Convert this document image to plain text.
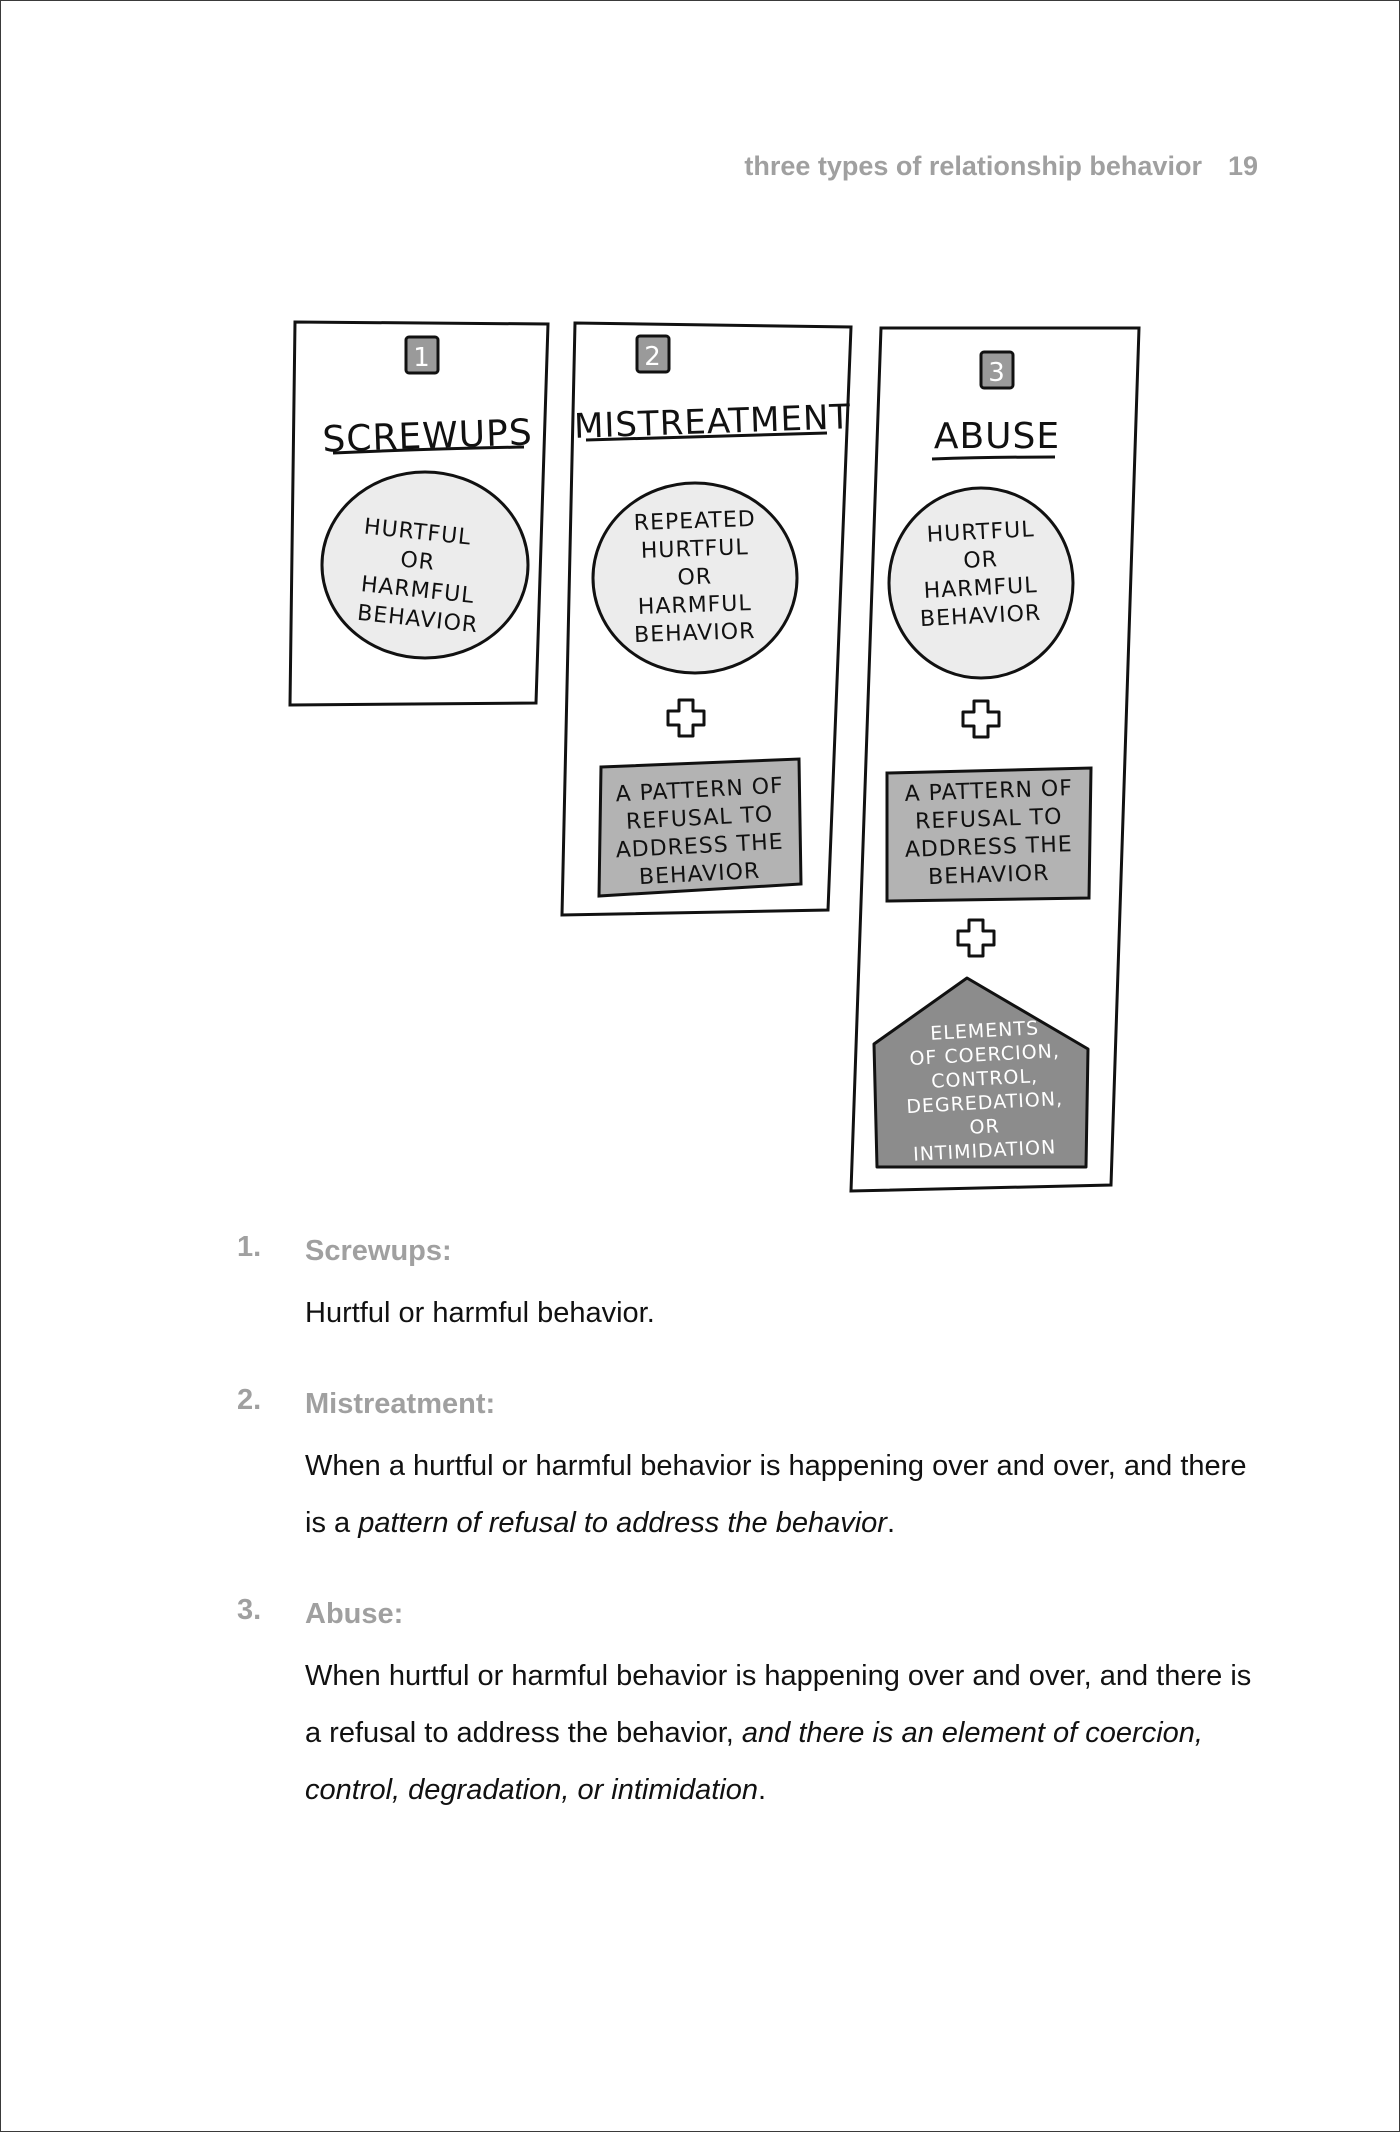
three types of relationship behavior 19
1
SCREWUPS
HURTFUL
OR
HARMFUL
BEHAVIOR
2
MISTREATMENT
REPEATED
HURTFUL
OR
HARMFUL
BEHAVIOR
A PATTERN OF
REFUSAL TO
ADDRESS THE
BEHAVIOR
3
ABUSE
HURTFUL
OR
HARMFUL
BEHAVIOR
A PATTERN OF
REFUSAL TO
ADDRESS THE
BEHAVIOR
ELEMENTS
OF COERCION,
CONTROL,
DEGREDATION,
OR
INTIMIDATION
1. Screwups:
Hurtful or harmful behavior.
2. Mistreatment:
When a hurtful or harmful behavior is happening over and over, and there is a pattern of refusal to address the behavior.
3. Abuse:
When hurtful or harmful behavior is happening over and over, and there is a refusal to address the behavior, and there is an element of coercion, control, degradation, or intimidation.
